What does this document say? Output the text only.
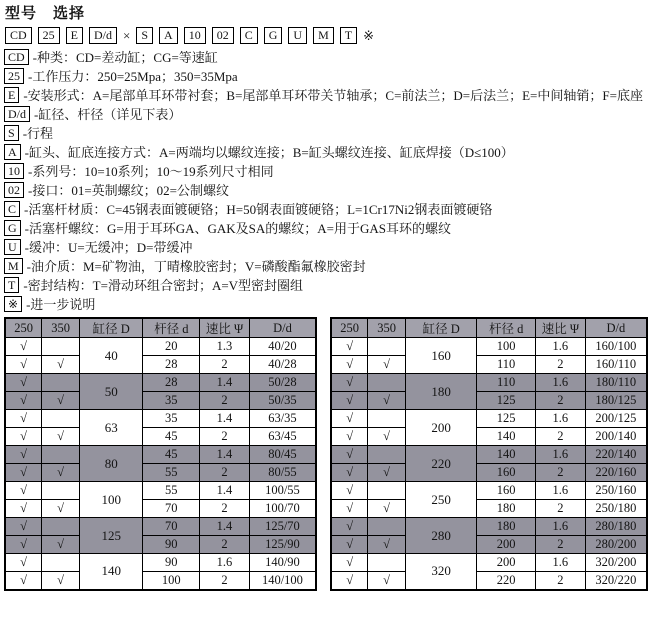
型号　选择
CD	25	E	D/d × S	A	10	02	C	G	U	M	T ※
CD -种类：CD=差动缸；CG=等速缸
25 -工作压力：250=25Mpa；350=35Mpa
E -安装形式：A=尾部单耳环带衬套；B=尾部单耳环带关节轴承；C=前法兰；D=后法兰；E=中间轴销；F=底座
D/d -缸径、杆径（详见下表）
S -行程
A -缸头、缸底连接方式：A=两端均以螺纹连接；B=缸头螺纹连接、缸底焊接（D≤100）
10 -系列号：10=10系列；10～19系列尺寸相同
02 -接口：01=英制螺纹；02=公制螺纹
C -活塞杆材质：C=45钢表面镀硬铬；H=50钢表面镀硬铬；L=1Cr17Ni2钢表面镀硬铬
G -活塞杆螺纹：G=用于耳环GA、GAK及SA的螺纹；A=用于GAS耳环的螺纹
U -缓冲：U=无缓冲；D=带缓冲
M -油介质：M=矿物油，丁晴橡胶密封；V=磷酸酯氟橡胶密封
T -密封结构：T=滑动环组合密封；A=V型密封圈组
※ -进一步说明
250	350	缸径 D	杆径 d	速比 Ψ	D/d
√		40	20	1.3	40/20
√	√		28	2	40/28
√		50	28	1.4	50/28
√	√		35	2	50/35
√		63	35	1.4	63/35
√	√		45	2	63/45
√		80	45	1.4	80/45
√	√		55	2	80/55
√		100	55	1.4	100/55
√	√		70	2	100/70
√		125	70	1.4	125/70
√	√		90	2	125/90
√		140	90	1.6	140/90
√	√		100	2	140/100
250	350	缸径 D	杆径 d	速比 Ψ	D/d
√		160	100	1.6	160/100
√	√		110	2	160/110
√		180	110	1.6	180/110
√	√		125	2	180/125
√		200	125	1.6	200/125
√	√		140	2	200/140
√		220	140	1.6	220/140
√	√		160	2	220/160
√		250	160	1.6	250/160
√	√		180	2	250/180
√		280	180	1.6	280/180
√	√		200	2	280/200
√		320	200	1.6	320/200
√	√		220	2	320/220
